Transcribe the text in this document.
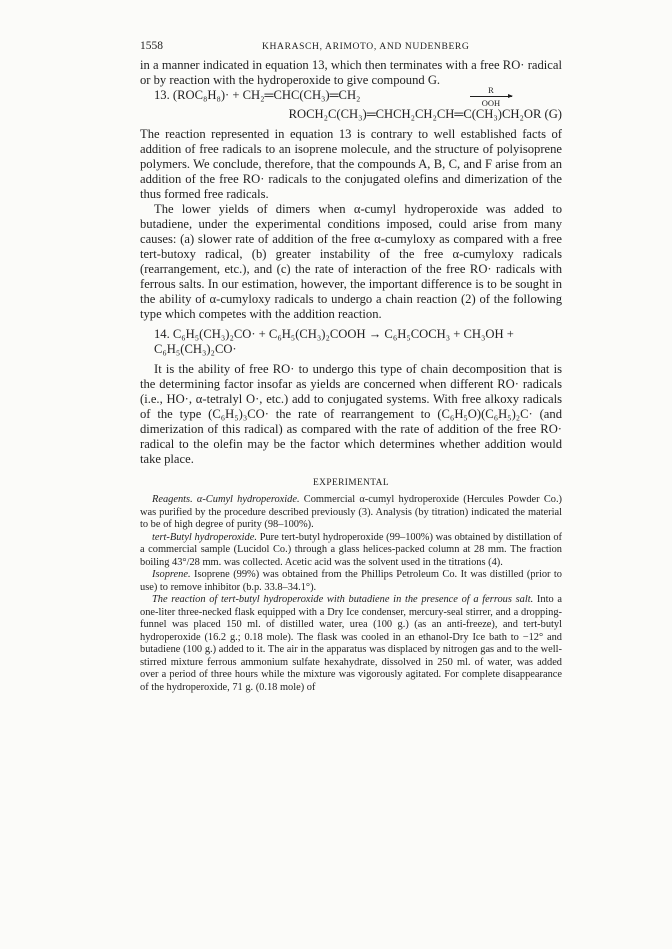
1558	KHARASCH, ARIMOTO, AND NUDENBERG

in a manner indicated in equation 13, which then terminates with a free RO· radical or by reaction with the hydroperoxide to give compound G.

13. (ROC₈H₈)· + CH₂═CHC(CH₃)═CH₂	R
OOH
ROCH₂C(CH₃)═CHCH₂CH₂CH═C(CH₃)CH₂OR (G)

The reaction represented in equation 13 is contrary to well established facts of addition of free radicals to an isoprene molecule, and the structure of polyisoprene polymers. We conclude, therefore, that the compounds A, B, C, and F arise from an addition of the free RO· radicals to the conjugated olefins and dimerization of the thus formed free radicals.

The lower yields of dimers when α-cumyl hydroperoxide was added to butadiene, under the experimental conditions imposed, could arise from many causes: (a) slower rate of addition of the free α-cumyloxy as compared with a free tert-butoxy radical, (b) greater instability of the free α-cumyloxy radicals (rearrangement, etc.), and (c) the rate of interaction of the free RO· radicals with ferrous salts. In our estimation, however, the important difference is to be sought in the ability of α-cumyloxy radicals to undergo a chain reaction (2) of the following type which competes with the addition reaction.

14. C₆H₅(CH₃)₂CO· + C₆H₅(CH₃)₂COOH → C₆H₅COCH₃ + CH₃OH +
C₆H₅(CH₃)₂CO·

It is the ability of free RO· to undergo this type of chain decomposition that is the determining factor insofar as yields are concerned when different RO· radicals (i.e., HO·, α-tetralyl O·, etc.) add to conjugated systems. With free alkoxy radicals of the type (C₆H₅)₃CO· the rate of rearrangement to (C₆H₅O)(C₆H₅)₂C· (and dimerization of this radical) as compared with the rate of addition of the free RO· radical to the olefin may be the factor which determines whether addition would take place.

EXPERIMENTAL

Reagents. α-Cumyl hydroperoxide. Commercial α-cumyl hydroperoxide (Hercules Powder Co.) was purified by the procedure described previously (3). Analysis (by titration) indicated the material to be of high degree of purity (98–100%).

tert-Butyl hydroperoxide. Pure tert-butyl hydroperoxide (99–100%) was obtained by distillation of a commercial sample (Lucidol Co.) through a glass helices-packed column at 28 mm. The fraction boiling 43°/28 mm. was collected. Acetic acid was the solvent used in the titrations (4).

Isoprene. Isoprene (99%) was obtained from the Phillips Petroleum Co. It was distilled (prior to use) to remove inhibitor (b.p. 33.8–34.1°).

The reaction of tert-butyl hydroperoxide with butadiene in the presence of a ferrous salt. Into a one-liter three-necked flask equipped with a Dry Ice condenser, mercury-seal stirrer, and a dropping-funnel was placed 150 ml. of distilled water, urea (100 g.) (as an anti-freeze), and tert-butyl hydroperoxide (16.2 g.; 0.18 mole). The flask was cooled in an ethanol-Dry Ice bath to −12° and butadiene (100 g.) added to it. The air in the apparatus was displaced by nitrogen gas and to the well-stirred mixture ferrous ammonium sulfate hexahydrate, dissolved in 250 ml. of water, was added over a period of three hours while the mixture was vigorously agitated. For complete disappearance of the hydroperoxide, 71 g. (0.18 mole) of
